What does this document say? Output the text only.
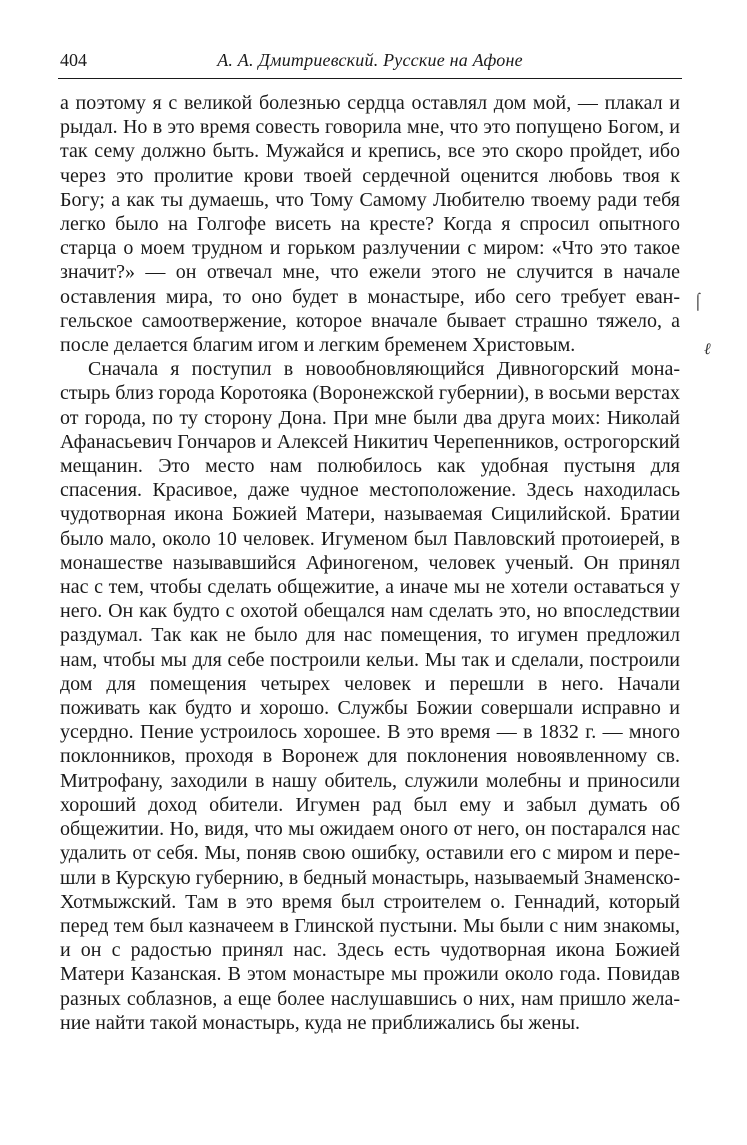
404	А. А. Дмитриевский. Русские на Афоне

а поэтому я с великой болезнью сердца оставлял дом мой, — плакал и рыдал. Но в это время совесть говорила мне, что это попущено Богом, и так сему должно быть. Мужайся и крепись, все это скоро пройдет, ибо через это пролитие крови твоей сердечной оценится любовь твоя к Богу; а как ты думаешь, что Тому Самому Любителю твоему ради тебя легко было на Голгофе висеть на кресте? Когда я спросил опытного старца о моем трудном и горьком разлучении с миром: «Что это такое значит?» — он отвечал мне, что ежели этого не случится в начале оставления мира, то оно будет в монастыре, ибо сего требует евангельское самоотвержение, которое вначале бывает страшно тяжело, а после делается благим игом и легким бременем Христовым.

Сначала я поступил в новообновляющийся Дивногорский монастырь близ города Коротояка (Воронежской губернии), в восьми верстах от города, по ту сторону Дона. При мне были два друга моих: Николай Афанасьевич Гончаров и Алексей Никитич Черепенников, острогорский мещанин. Это место нам полюбилось как удобная пустыня для спасения. Красивое, даже чудное местоположение. Здесь находилась чудотворная икона Божией Матери, называемая Сицилийской. Братии было мало, около 10 человек. Игуменом был Павловский протоиерей, в монашестве называвшийся Афиногеном, человек ученый. Он принял нас с тем, чтобы сделать общежитие, а иначе мы не хотели оставаться у него. Он как будто с охотой обещался нам сделать это, но впоследствии раздумал. Так как не было для нас помещения, то игумен предложил нам, чтобы мы для себе построили кельи. Мы так и сделали, построили дом для помещения четырех человек и перешли в него. Начали поживать как будто и хорошо. Службы Божии совершали исправно и усердно. Пение устроилось хорошее. В это время — в 1832 г. — много поклонников, проходя в Воронеж для поклонения новоявленному св. Митрофану, заходили в нашу обитель, служили молебны и приносили хороший доход обители. Игумен рад был ему и забыл думать об общежитии. Но, видя, что мы ожидаем оного от него, он постарался нас удалить от себя. Мы, поняв свою ошибку, оставили его с миром и перешли в Курскую губернию, в бедный монастырь, называемый Знаменско-Хотмыжский. Там в это время был строителем о. Геннадий, который перед тем был казначеем в Глинской пустыни. Мы были с ним знакомы, и он с радостью принял нас. Здесь есть чудотворная икона Божией Матери Казанская. В этом монастыре мы прожили около года. Повидав разных соблазнов, а еще более наслушавшись о них, нам пришло желание найти такой монастырь, куда не приближались бы жены.

⌠
ℓ
